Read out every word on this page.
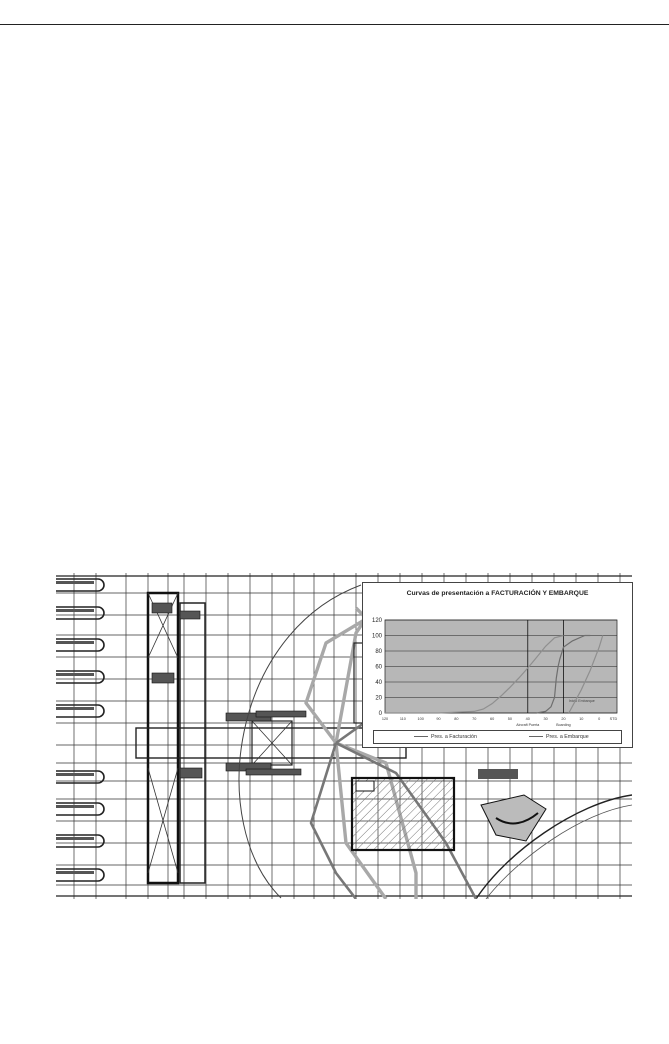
Curvas de presentación a FACTURACIÓN Y EMBARQUE
0
20
40
60
80
100
120
120	110	100	90	80	70	60	50	40	30	20	10	0 STD
Aircraft Puerta	Boarding
Inicio Embarque
Pres. a Facturación	Pres. a Embarque
